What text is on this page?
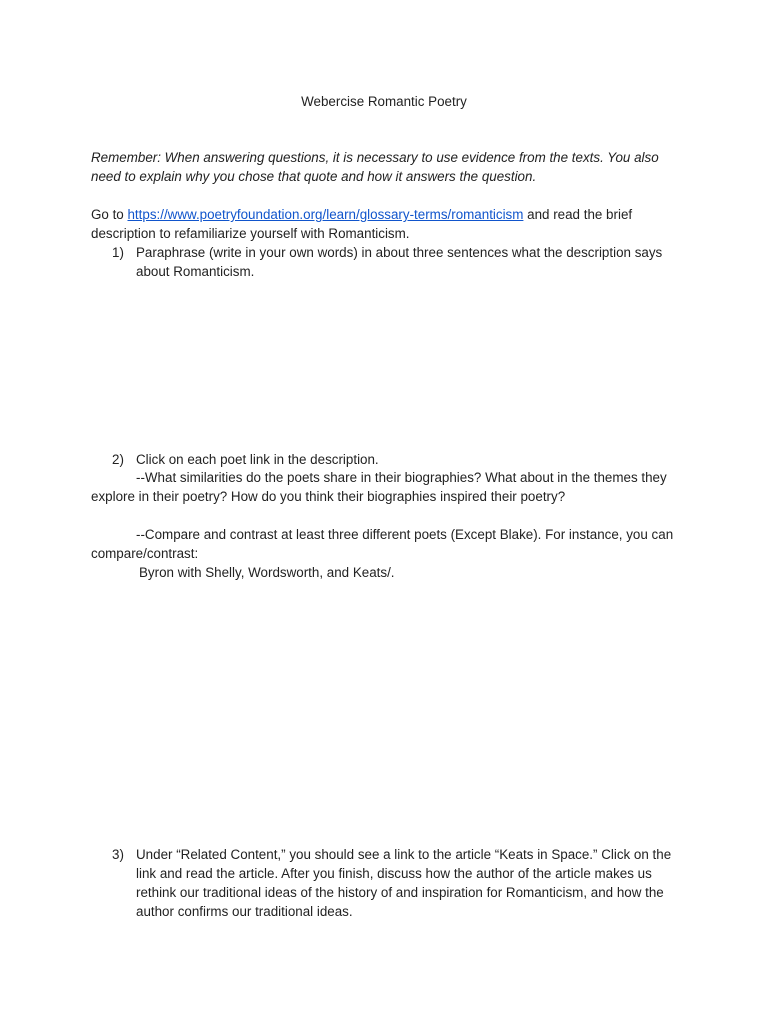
Webercise Romantic Poetry
Remember: When answering questions, it is necessary to use evidence from the texts. You also need to explain why you chose that quote and how it answers the question.
Go to https://www.poetryfoundation.org/learn/glossary-terms/romanticism and read the brief description to refamiliarize yourself with Romanticism.
1) Paraphrase (write in your own words) in about three sentences what the description says about Romanticism.
2) Click on each poet link in the description.
--What similarities do the poets share in their biographies? What about in the themes they explore in their poetry? How do you think their biographies inspired their poetry?
--Compare and contrast at least three different poets (Except Blake). For instance, you can compare/contrast:
Byron with Shelly, Wordsworth, and Keats/.
3) Under “Related Content,” you should see a link to the article “Keats in Space.” Click on the link and read the article. After you finish, discuss how the author of the article makes us rethink our traditional ideas of the history of and inspiration for Romanticism, and how the author confirms our traditional ideas.
